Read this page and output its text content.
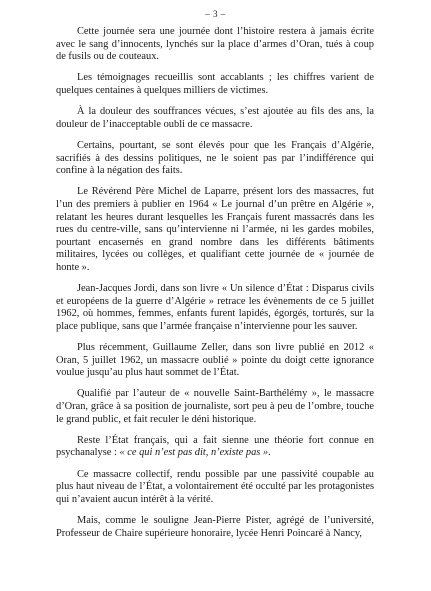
– 3 –

Cette journée sera une journée dont l’histoire restera à jamais écrite avec le sang d’innocents, lynchés sur la place d’armes d’Oran, tués à coup de fusils ou de couteaux.

Les témoignages recueillis sont accablants ; les chiffres varient de quelques centaines à quelques milliers de victimes.

À la douleur des souffrances vécues, s’est ajoutée au fils des ans, la douleur de l’inacceptable oubli de ce massacre.

Certains, pourtant, se sont élevés pour que les Français d’Algérie, sacrifiés à des dessins politiques, ne le soient pas par l’indifférence qui confine à la négation des faits.

Le Révérend Père Michel de Laparre, présent lors des massacres, fut l’un des premiers à publier en 1964 « Le journal d’un prêtre en Algérie », relatant les heures durant lesquelles les Français furent massacrés dans les rues du centre-ville, sans qu’intervienne ni l’armée, ni les gardes mobiles, pourtant encasernés en grand nombre dans les différents bâtiments militaires, lycées ou collèges, et qualifiant cette journée de « journée de honte ».

Jean-Jacques Jordi, dans son livre « Un silence d’État : Disparus civils et européens de la guerre d’Algérie » retrace les évènements de ce 5 juillet 1962, où hommes, femmes, enfants furent lapidés, égorgés, torturés, sur la place publique, sans que l’armée française n’intervienne pour les sauver.

Plus récemment, Guillaume Zeller, dans son livre publié en 2012 « Oran, 5 juillet 1962, un massacre oublié » pointe du doigt cette ignorance voulue jusqu’au plus haut sommet de l’État.

Qualifié par l’auteur de « nouvelle Saint-Barthélémy », le massacre d’Oran, grâce à sa position de journaliste, sort peu à peu de l’ombre, touche le grand public, et fait reculer le déni historique.

Reste l’État français, qui a fait sienne une théorie fort connue en psychanalyse : « ce qui n’est pas dit, n’existe pas ».

Ce massacre collectif, rendu possible par une passivité coupable au plus haut niveau de l’État, a volontairement été occulté par les protagonistes qui n’avaient aucun intérêt à la vérité.

Mais, comme le souligne Jean-Pierre Pister, agrégé de l’université, Professeur de Chaire supérieure honoraire, lycée Henri Poincaré à Nancy,
